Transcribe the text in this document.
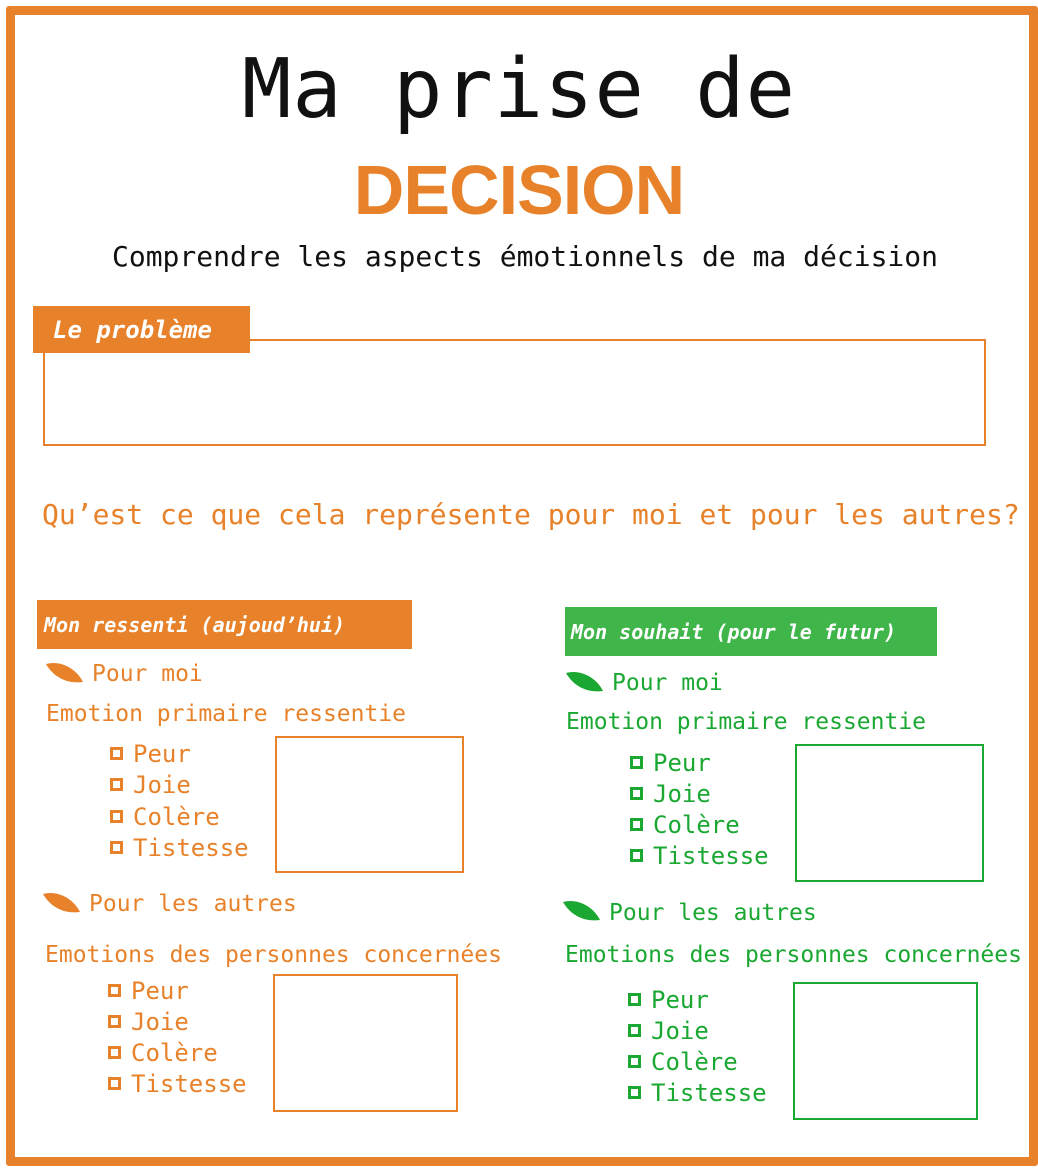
Ma prise de
DECISION
Comprendre les aspects émotionnels de ma décision
Le problème
Qu’est ce que cela représente pour moi et pour les autres?
Mon ressenti (aujoud’hui)
Pour moi
Emotion primaire ressentie
Peur
Joie
Colère
Tistesse
Pour les autres
Emotions des personnes concernées
Peur
Joie
Colère
Tistesse
Mon souhait (pour le futur)
Pour moi
Emotion primaire ressentie
Peur
Joie
Colère
Tistesse
Pour les autres
Emotions des personnes concernées
Peur
Joie
Colère
Tistesse
